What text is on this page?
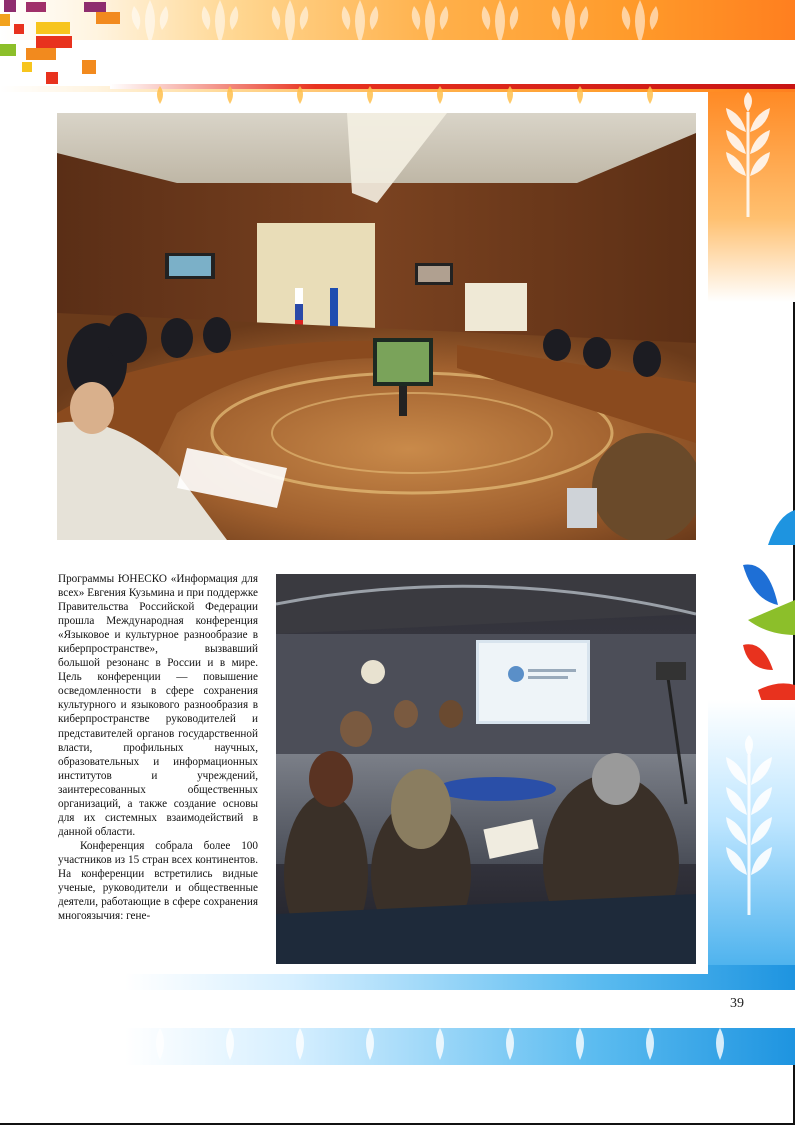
Программы ЮНЕСКО «Информация для всех» Евгения Кузьмина и при поддержке Правительства Российской Федерации прошла Международная конференция «Языковое и культурное разнообразие в киберпространстве», вызвавший большой резонанс в России и в мире. Цель конференции — повышение осведомленности в сфере сохранения культурного и языкового разнообразия в киберпространстве руководителей и представителей органов государственной власти, профильных научных, образовательных и информационных институтов и учреждений, заинтересованных общественных организаций, а также создание основы для их системных взаимодействий в данной области.

Конференция собрала более 100 участников из 15 стран всех континентов. На конференции встретились видные ученые, руководители и общественные деятели, работающие в сфере сохранения многоязычия: гене-

39
